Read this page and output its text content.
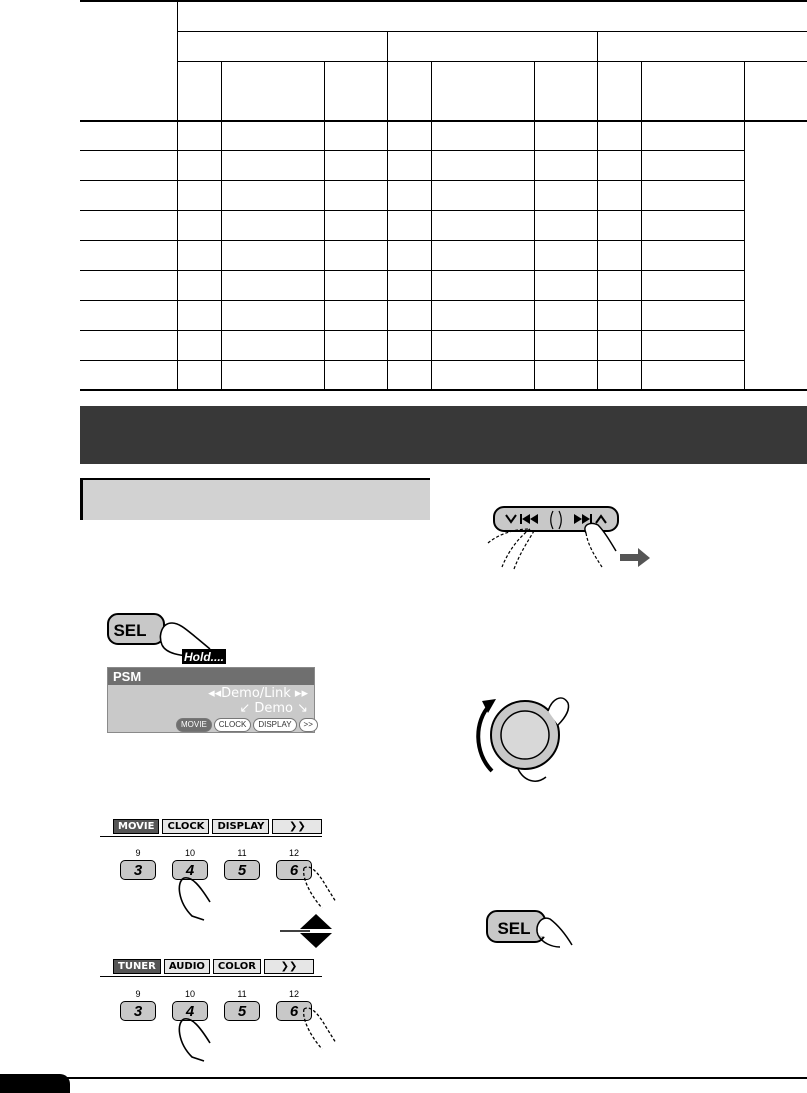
SEL
Hold....
PSM
◂◂Demo/Link ▸▸
↙ Demo ↘
MOVIE	CLOCK	DISPLAY	>>
MOVIE	CLOCK	DISPLAY	❯❯
9
3
10
4
11
5
12
6
TUNER	AUDIO	COLOR	❯❯
9
3
10
4
11
5
12
6
SEL
